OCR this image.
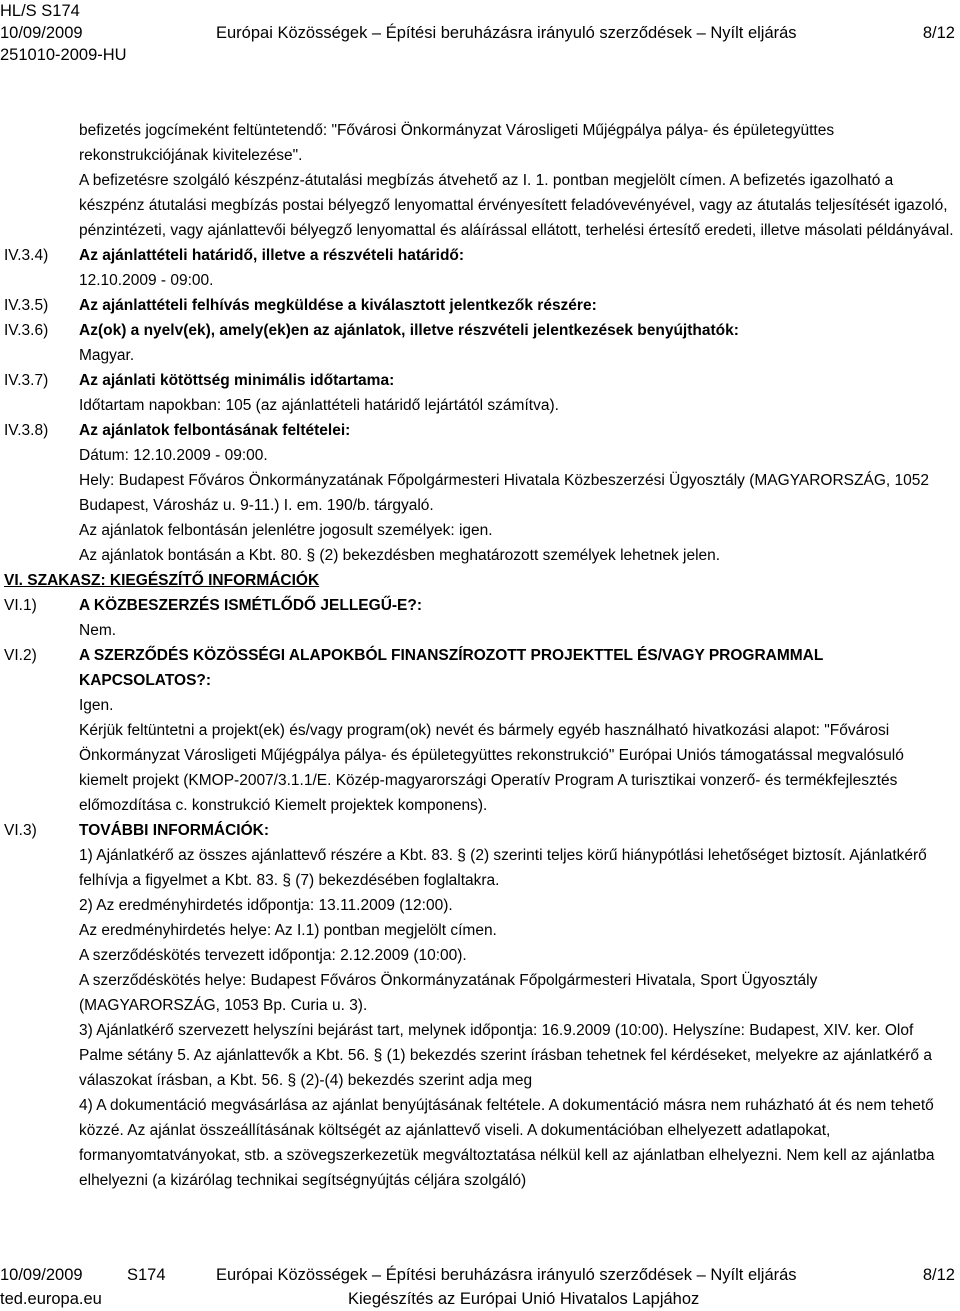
HL/S S174
10/09/2009	Európai Közösségek – Építési beruházásra irányuló szerződések – Nyílt eljárás	8/12
251010-2009-HU

befizetés jogcímeként feltüntetendő: "Fővárosi Önkormányzat Városligeti Műjégpálya pálya- és épületegyüttes rekonstrukciójának kivitelezése".

A befizetésre szolgáló készpénz-átutalási megbízás átvehető az I. 1. pontban megjelölt címen. A befizetés igazolható a készpénz átutalási megbízás postai bélyegző lenyomattal érvényesített feladóvevényével, vagy az átutalás teljesítését igazoló, pénzintézeti, vagy ajánlattevői bélyegző lenyomattal és aláírással ellátott, terhelési értesítő eredeti, illetve másolati példányával.

IV.3.4) Az ajánlattételi határidő, illetve a részvételi határidő:

12.10.2009 - 09:00.

IV.3.5) Az ajánlattételi felhívás megküldése a kiválasztott jelentkezők részére:

IV.3.6) Az(ok) a nyelv(ek), amely(ek)en az ajánlatok, illetve részvételi jelentkezések benyújthatók:

Magyar.

IV.3.7) Az ajánlati kötöttség minimális időtartama:

Időtartam napokban: 105 (az ajánlattételi határidő lejártától számítva).

IV.3.8) Az ajánlatok felbontásának feltételei:

Dátum: 12.10.2009 - 09:00.

Hely: Budapest Főváros Önkormányzatának Főpolgármesteri Hivatala Közbeszerzési Ügyosztály (MAGYARORSZÁG, 1052 Budapest, Városház u. 9-11.) I. em. 190/b. tárgyaló.

Az ajánlatok felbontásán jelenlétre jogosult személyek: igen.

Az ajánlatok bontásán a Kbt. 80. § (2) bekezdésben meghatározott személyek lehetnek jelen.

VI. SZAKASZ: KIEGÉSZÍTŐ INFORMÁCIÓK
VI.1)	A KÖZBESZERZÉS ISMÉTLŐDŐ JELLEGŰ-E?:

Nem.

VI.2)	A SZERZŐDÉS KÖZÖSSÉGI ALAPOKBÓL FINANSZÍROZOTT PROJEKTTEL ÉS/VAGY PROGRAMMAL KAPCSOLATOS?:

Igen.

Kérjük feltüntetni a projekt(ek) és/vagy program(ok) nevét és bármely egyéb használható hivatkozási alapot: "Fővárosi Önkormányzat Városligeti Műjégpálya pálya- és épületegyüttes rekonstrukció" Európai Uniós támogatással megvalósuló kiemelt projekt (KMOP-2007/3.1.1/E. Közép-magyarországi Operatív Program A turisztikai vonzerő- és termékfejlesztés előmozdítása c. konstrukció Kiemelt projektek komponens).

VI.3)	TOVÁBBI INFORMÁCIÓK:

1) Ajánlatkérő az összes ajánlattevő részére a Kbt. 83. § (2) szerinti teljes körű hiánypótlási lehetőséget biztosít. Ajánlatkérő felhívja a figyelmet a Kbt. 83. § (7) bekezdésében foglaltakra.

2) Az eredményhirdetés időpontja: 13.11.2009 (12:00).

Az eredményhirdetés helye: Az I.1) pontban megjelölt címen.

A szerződéskötés tervezett időpontja: 2.12.2009 (10:00).

A szerződéskötés helye: Budapest Főváros Önkormányzatának Főpolgármesteri Hivatala, Sport Ügyosztály (MAGYARORSZÁG, 1053 Bp. Curia u. 3).

3) Ajánlatkérő szervezett helyszíni bejárást tart, melynek időpontja: 16.9.2009 (10:00). Helyszíne: Budapest, XIV. ker. Olof Palme sétány 5. Az ajánlattevők a Kbt. 56. § (1) bekezdés szerint írásban tehetnek fel kérdéseket, melyekre az ajánlatkérő a válaszokat írásban, a Kbt. 56. § (2)-(4) bekezdés szerint adja meg

4) A dokumentáció megvásárlása az ajánlat benyújtásának feltétele. A dokumentáció másra nem ruházható át és nem tehető közzé. Az ajánlat összeállításának költségét az ajánlattevő viseli. A dokumentációban elhelyezett adatlapokat, formanyomtatványokat, stb. a szövegszerkezetük megváltoztatása nélkül kell az ajánlatban elhelyezni. Nem kell az ajánlatba elhelyezni (a kizárólag technikai segítségnyújtás céljára szolgáló)

10/09/2009	S174	Európai Közösségek – Építési beruházásra irányuló szerződések – Nyílt eljárás	8/12
ted.europa.eu	Kiegészítés az Európai Unió Hivatalos Lapjához
